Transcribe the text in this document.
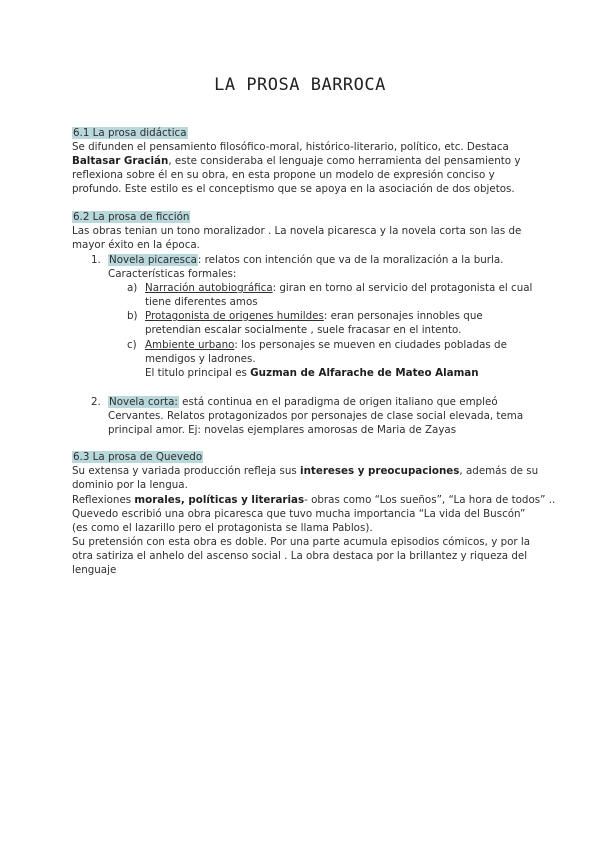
LA PROSA BARROCA
6.1 La prosa didáctica
Se difunden el pensamiento filosófico-moral, histórico-literario, político, etc. Destaca
Baltasar Gracián, este consideraba el lenguaje como herramienta del pensamiento y
reflexiona sobre él en su obra, en esta propone un modelo de expresión conciso y
profundo. Este estilo es el conceptismo que se apoya en la asociación de dos objetos.
6.2 La prosa de ficción
Las obras tenian un tono moralizador . La novela picaresca y la novela corta son las de
mayor éxito en la época.
1. Novela picaresca: relatos con intención que va de la moralización a la burla.
Características formales:
a) Narración autobiográfica: giran en torno al servicio del protagonista el cual
tiene diferentes amos
b) Protagonista de origenes humildes: eran personajes innobles que
pretendian escalar socialmente , suele fracasar en el intento.
c) Ambiente urbano: los personajes se mueven en ciudades pobladas de
mendigos y ladrones.
El titulo principal es Guzman de Alfarache de Mateo Alaman
2. Novela corta: está continua en el paradigma de origen italiano que empleó
Cervantes. Relatos protagonizados por personajes de clase social elevada, tema
principal amor. Ej: novelas ejemplares amorosas de Maria de Zayas
6.3 La prosa de Quevedo
Su extensa y variada producción refleja sus intereses y preocupaciones, además de su
dominio por la lengua.
Reflexiones morales, políticas y literarias- obras como “Los sueños”, “La hora de todos” ..
Quevedo escribió una obra picaresca que tuvo mucha importancia “La vida del Buscón”
(es como el lazarillo pero el protagonista se llama Pablos).
Su pretensión con esta obra es doble. Por una parte acumula episodios cómicos, y por la
otra satiriza el anhelo del ascenso social . La obra destaca por la brillantez y riqueza del
lenguaje
